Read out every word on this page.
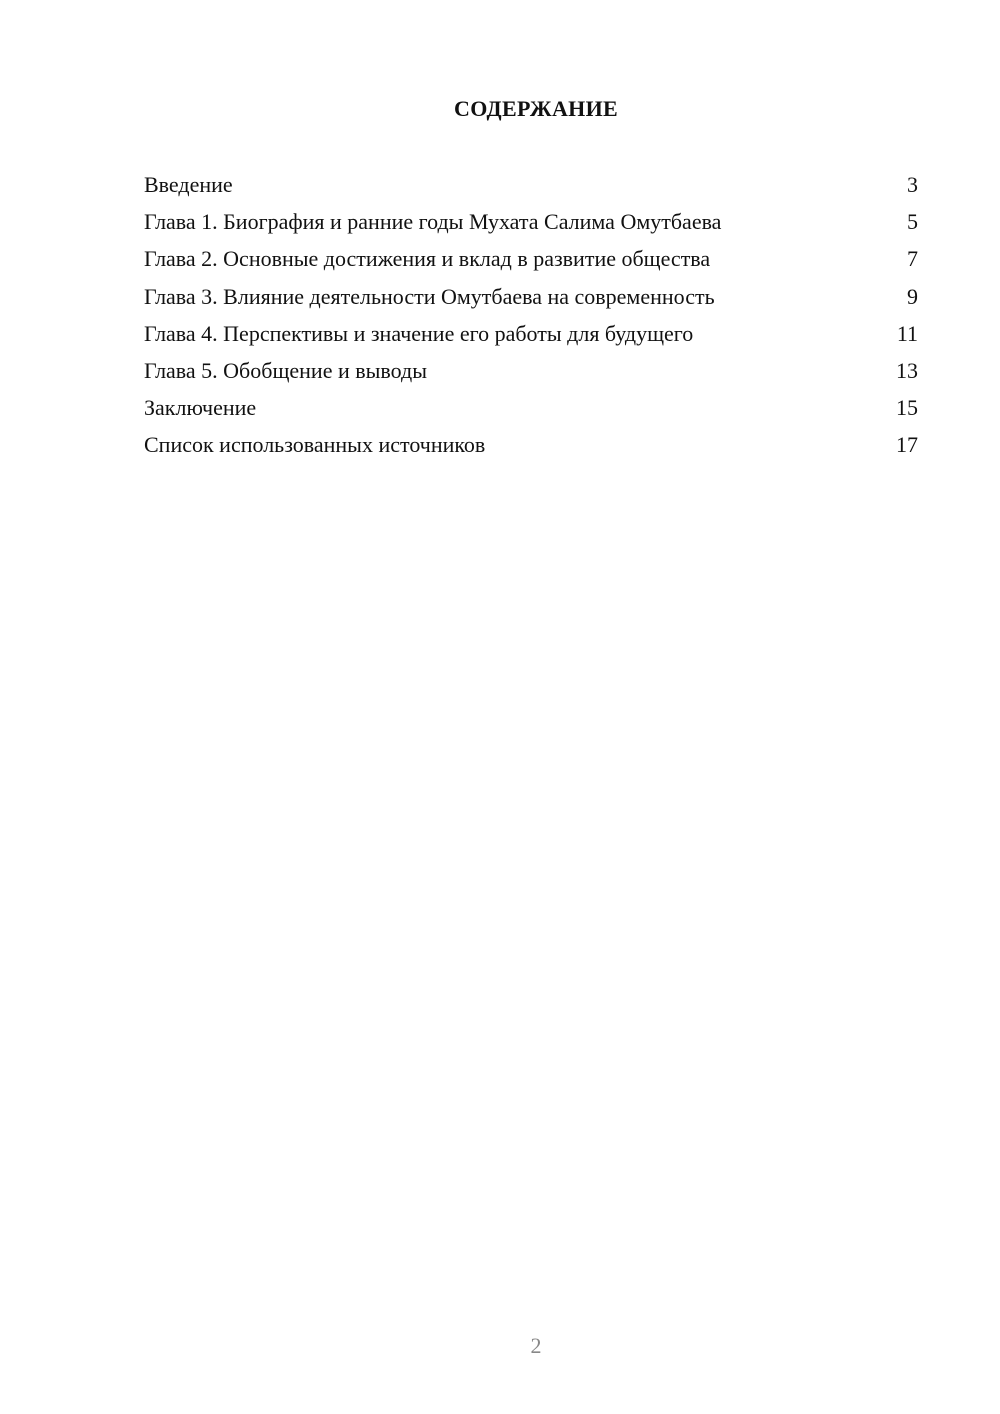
СОДЕРЖАНИЕ
Введение	3
Глава 1. Биография и ранние годы Мухата Салима Омутбаева	5
Глава 2. Основные достижения и вклад в развитие общества	7
Глава 3. Влияние деятельности Омутбаева на современность	9
Глава 4. Перспективы и значение его работы для будущего	11
Глава 5. Обобщение и выводы	13
Заключение	15
Список использованных источников	17
2
